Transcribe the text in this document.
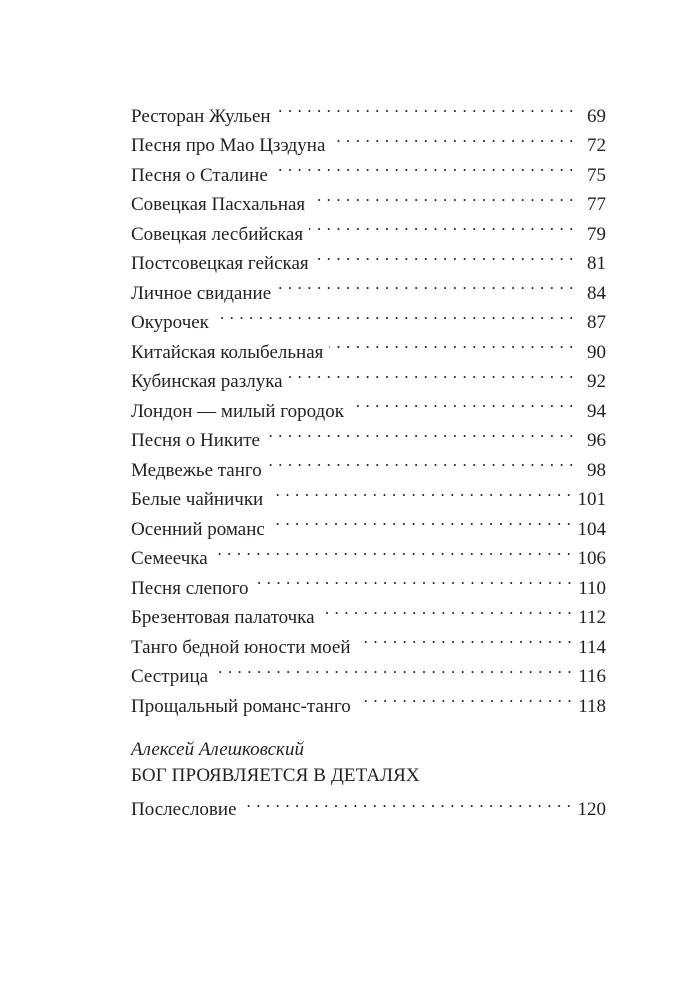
Ресторан Жульен . . .	69
Песня про Мао Цзэдуна . . .	72
Песня о Сталине . . .	75
Совецкая Пасхальная . . .	77
Совецкая лесбийская . . .	79
Постсовецкая гейская . . .	81
Личное свидание . . .	84
Окурочек . . .	87
Китайская колыбельная . . .	90
Кубинская разлука . . .	92
Лондон — милый городок . . .	94
Песня о Никите . . .	96
Медвежье танго . . .	98
Белые чайнички . . .	101
Осенний романс . . .	104
Семеечка . . .	106
Песня слепого . . .	110
Брезентовая палаточка . . .	112
Танго бедной юности моей . . .	114
Сестрица . . .	116
Прощальный романс-танго . . .	118
Алексей Алешковский
БОГ ПРОЯВЛЯЕТСЯ В ДЕТАЛЯХ
Послесловие . . .	120
